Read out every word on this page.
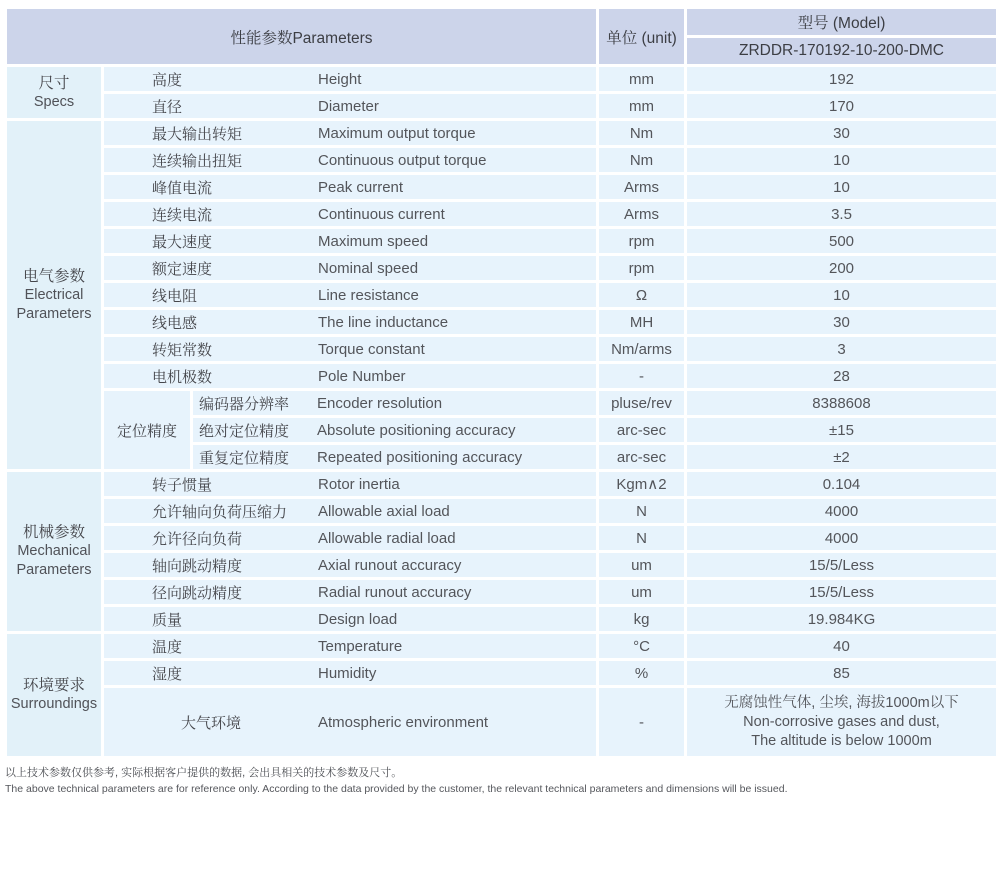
性能参数Parameters			单位 (unit)	型号 (Model)
				ZRDDR-170192-10-200-DMC

尺寸
Specs

高度	Height	mm	192

	直径 Diameter		mm	170

电气参数
Electrical
Parameters

最大输出转矩	Maximum output torque	Nm	30

	连续输出扭矩 Continuous output torque		Nm	10

	峰值电流 Peak current		Arms	10

	连续电流 Continuous current		Arms	3.5

	最大速度 Maximum speed		rpm	500

	额定速度 Nominal speed		rpm	200

	线电阻 Line resistance		Ω	10

	线电感 The line inductance		MH	30

	转矩常数 Torque constant		Nm/arms	3

	电机极数 Pole Number		-	28
	定位精度	编码器分辨率 Encoder resolution	pluse/rev	8388608

		绝对定位精度 Absolute positioning accuracy	arc-sec	±15

		重复定位精度 Repeated positioning accuracy	arc-sec	±2

机械参数
Mechanical
Parameters

转子惯量	Rotor inertia	Kgm∧2	0.104

	允许轴向负荷压缩力 Allowable axial load		N	4000

	允许径向负荷 Allowable radial load		N	4000

	轴向跳动精度 Axial runout accuracy		um	15/5/Less

	径向跳动精度 Radial runout accuracy		um	15/5/Less

	质量 Design load		kg	19.984KG

环境要求
Surroundings

温度	Temperature	°C	40

	湿度 Humidity		%	85

大气环境	Atmospheric environment	-	
无腐蚀性气体, 尘埃, 海拔1000m以下
Non-corrosive gases and dust,
The altitude is below 1000m
以上技术参数仅供参考, 实际根据客户提供的数据, 会出具相关的技术参数及尺寸。
The above technical parameters are for reference only. According to the data provided by the customer, the relevant technical parameters and dimensions will be issued.
